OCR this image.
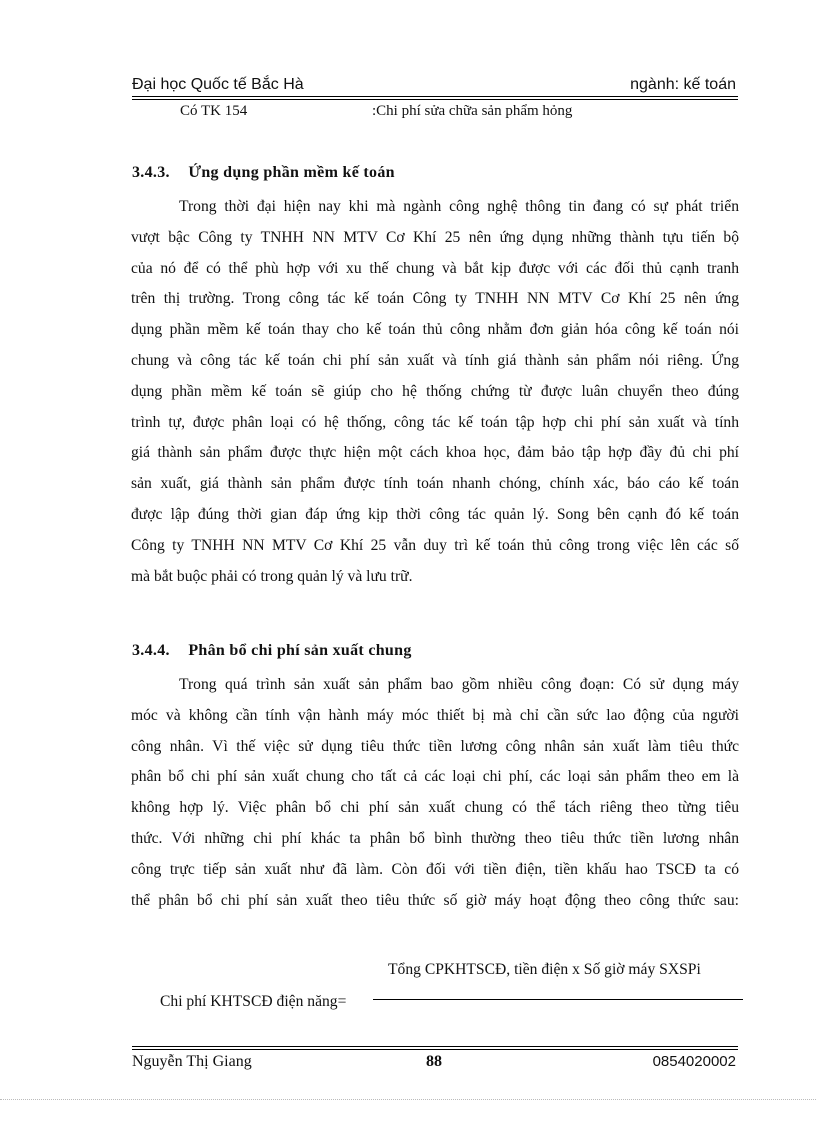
Đại học Quốc tế Bắc Hà	ngành: kế toán
Có TK 154	:Chi phí sửa chữa sản phẩm hỏng
3.4.3. Ứng dụng phần mềm kế toán
Trong thời đại hiện nay khi mà ngành công nghệ thông tin đang có sự phát triển
vượt bậc Công ty TNHH NN MTV Cơ Khí 25 nên ứng dụng những thành tựu tiến bộ
của nó để có thể phù hợp với xu thế chung và bắt kịp được với các đối thủ cạnh tranh
trên thị trường. Trong công tác kế toán Công ty TNHH NN MTV Cơ Khí 25 nên ứng
dụng phần mềm kế toán thay cho kế toán thủ công nhằm đơn giản hóa công kế toán nói
chung và công tác kế toán chi phí sản xuất và tính giá thành sản phẩm nói riêng. Ứng
dụng phần mềm kế toán sẽ giúp cho hệ thống chứng từ được luân chuyển theo đúng
trình tự, được phân loại có hệ thống, công tác kế toán tập hợp chi phí sản xuất và tính
giá thành sản phẩm được thực hiện một cách khoa học, đảm bảo tập hợp đầy đủ chi phí
sản xuất, giá thành sản phẩm được tính toán nhanh chóng, chính xác, báo cáo kế toán
được lập đúng thời gian đáp ứng kịp thời công tác quản lý. Song bên cạnh đó kế toán
Công ty TNHH NN MTV Cơ Khí 25 vẫn duy trì kế toán thủ công trong việc lên các số
mà bắt buộc phải có trong quản lý và lưu trữ.
3.4.4. Phân bổ chi phí sản xuất chung
Trong quá trình sản xuất sản phẩm bao gồm nhiều công đoạn: Có sử dụng máy
móc và không cần tính vận hành máy móc thiết bị mà chỉ cần sức lao động của người
công nhân. Vì thế việc sử dụng tiêu thức tiền lương công nhân sản xuất làm tiêu thức
phân bổ chi phí sản xuất chung cho tất cả các loại chi phí, các loại sản phẩm theo em là
không hợp lý. Việc phân bổ chi phí sản xuất chung có thể tách riêng theo từng tiêu
thức. Với những chi phí khác ta phân bổ bình thường theo tiêu thức tiền lương nhân
công trực tiếp sản xuất như đã làm. Còn đối với tiền điện, tiền khấu hao TSCĐ ta có
thể phân bổ chi phí sản xuất theo tiêu thức số giờ máy hoạt động theo công thức sau:
Tổng CPKHTSCĐ, tiền điện x Số giờ máy SXSPi
Chi phí KHTSCĐ điện năng=
Nguyễn Thị Giang	88	0854020002
